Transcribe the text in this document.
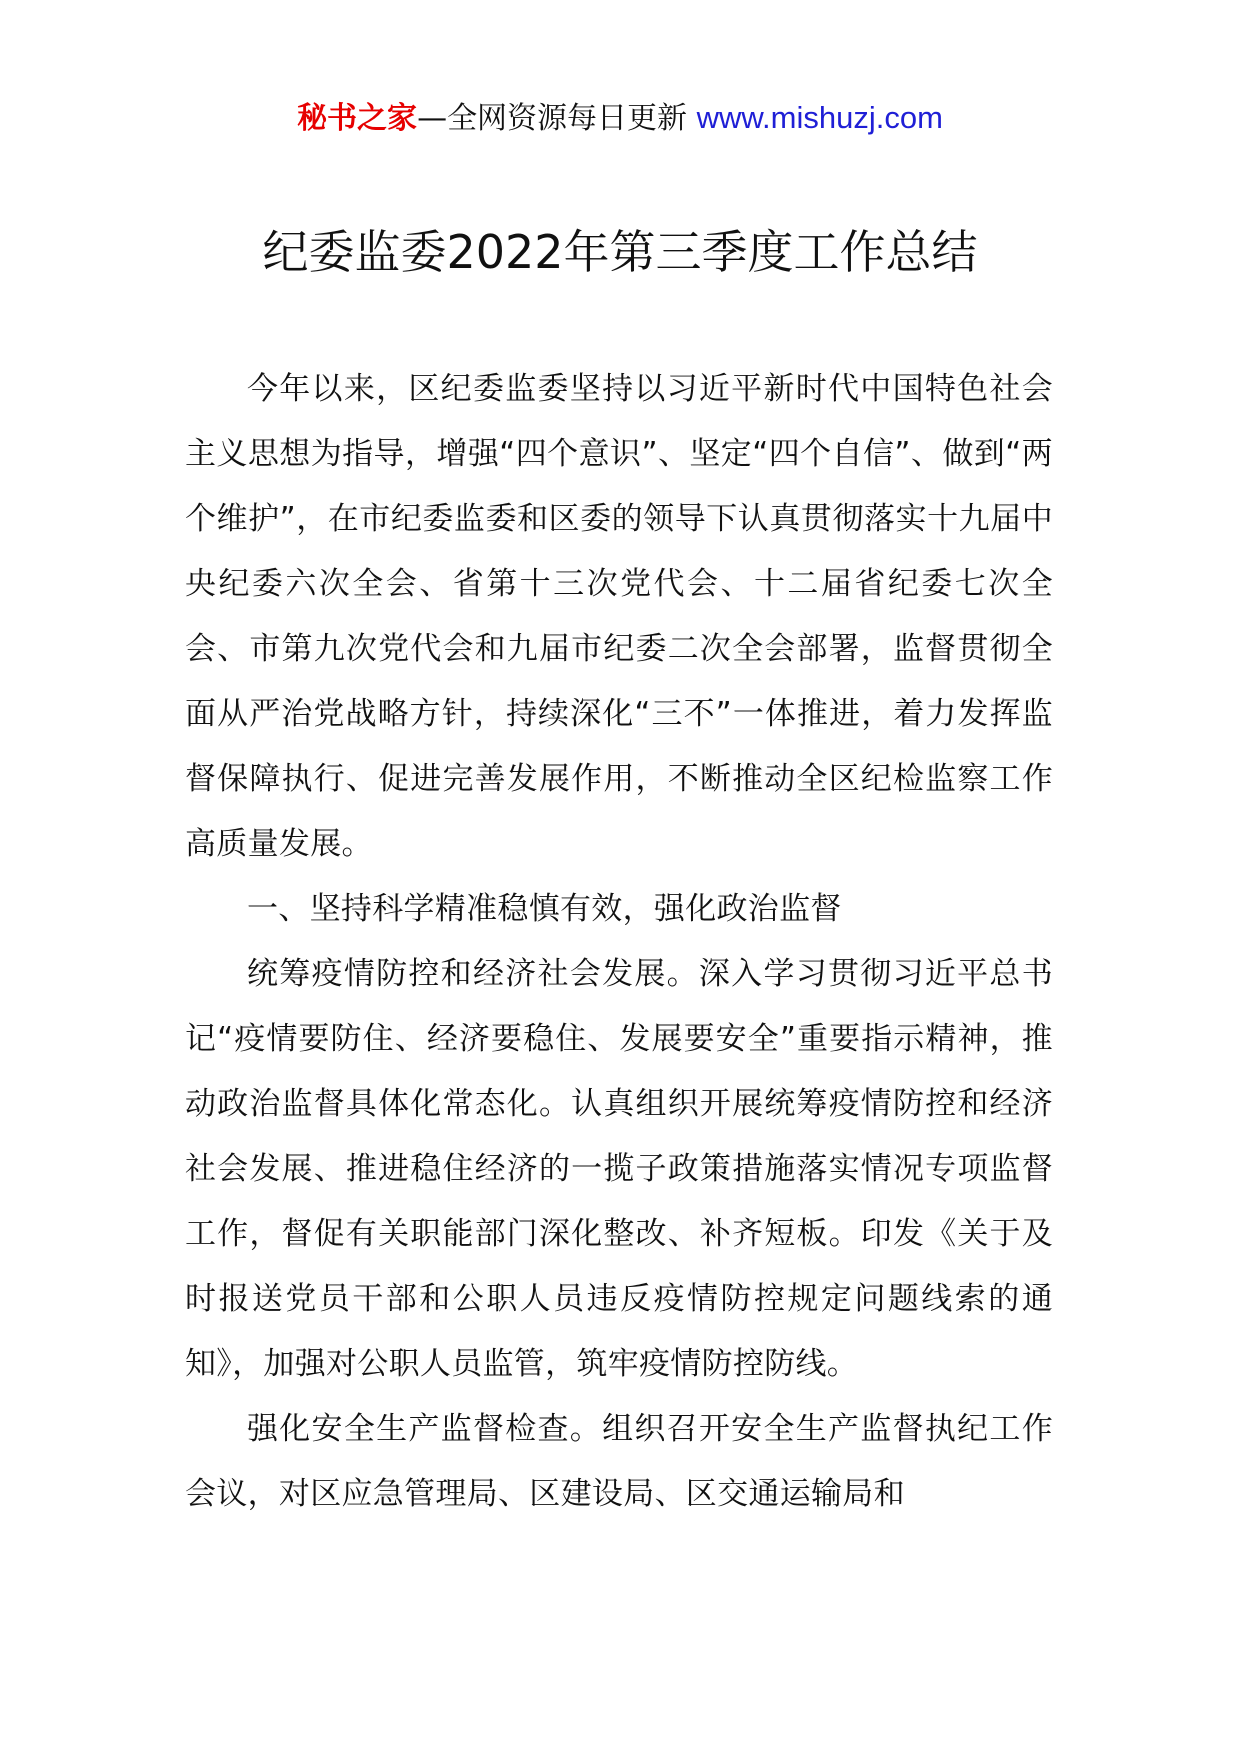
秘书之家—全网资源每日更新 www.mishuzj.com
纪委监委2022年第三季度工作总结

今年以来，区纪委监委坚持以习近平新时代中国特色社会主义思想为指导，增强“四个意识”、坚定“四个自信”、做到“两个维护”，在市纪委监委和区委的领导下认真贯彻落实十九届中央纪委六次全会、省第十三次党代会、十二届省纪委七次全会、市第九次党代会和九届市纪委二次全会部署，监督贯彻全面从严治党战略方针，持续深化“三不”一体推进，着力发挥监督保障执行、促进完善发展作用，不断推动全区纪检监察工作高质量发展。

一、坚持科学精准稳慎有效，强化政治监督

统筹疫情防控和经济社会发展。深入学习贯彻习近平总书记“疫情要防住、经济要稳住、发展要安全”重要指示精神，推动政治监督具体化常态化。认真组织开展统筹疫情防控和经济社会发展、推进稳住经济的一揽子政策措施落实情况专项监督工作，督促有关职能部门深化整改、补齐短板。印发《关于及时报送党员干部和公职人员违反疫情防控规定问题线索的通知》，加强对公职人员监管，筑牢疫情防控防线。

强化安全生产监督检查。组织召开安全生产监督执纪工作会议，对区应急管理局、区建设局、区交通运输局和
